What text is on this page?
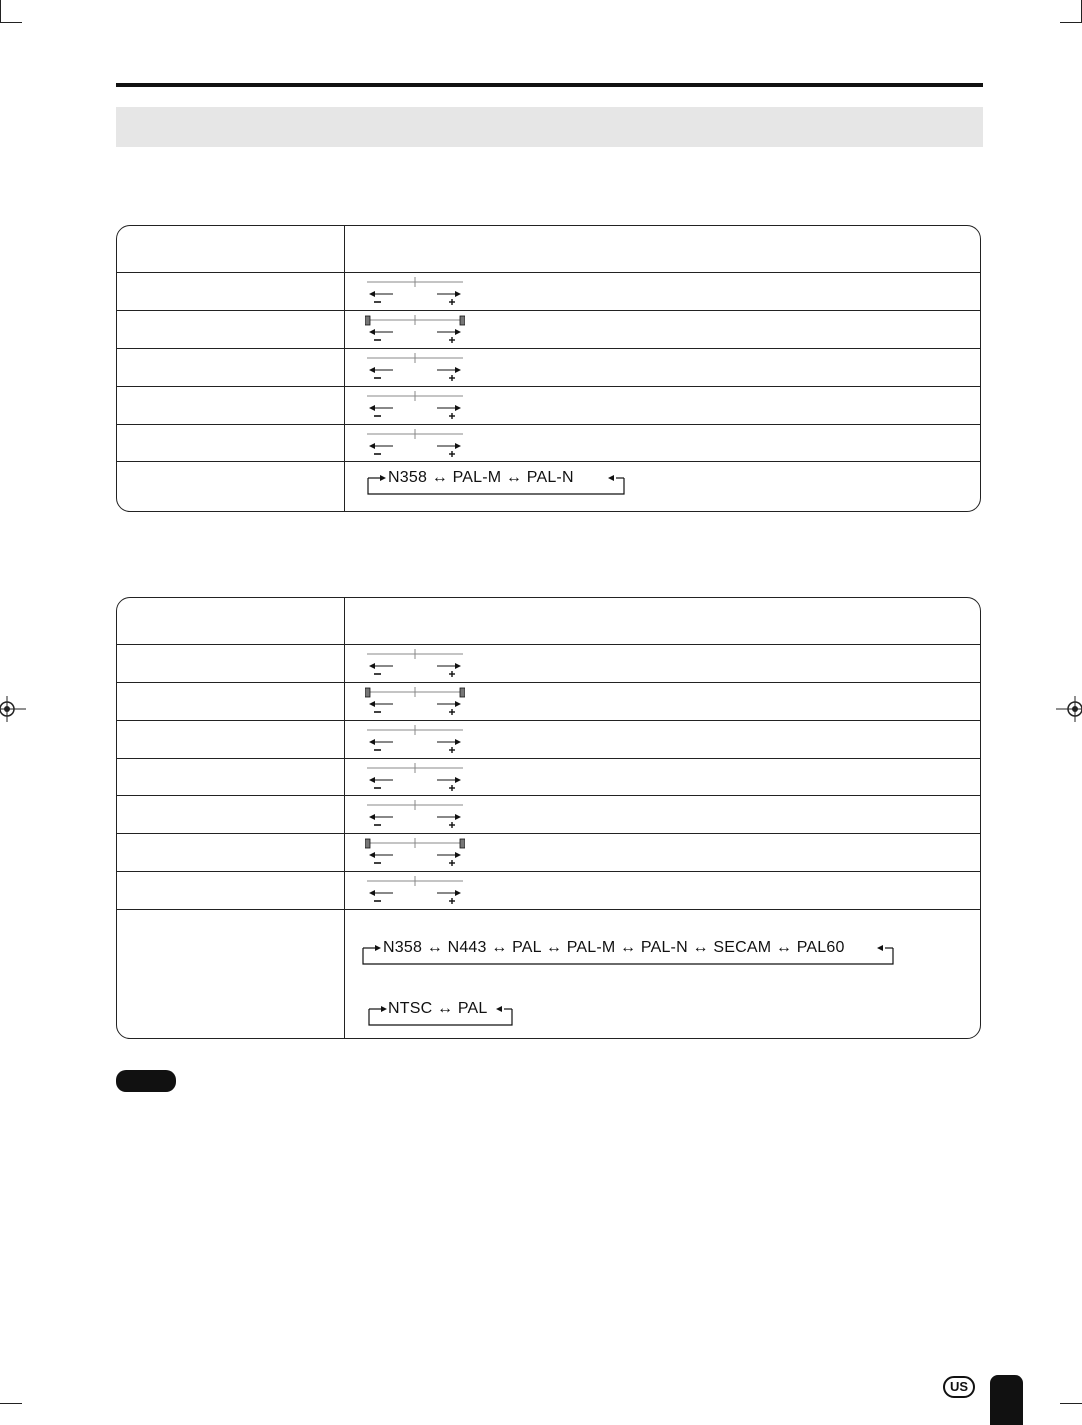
N358 ↔ PAL-M ↔ PAL-N
N358 ↔ N443 ↔ PAL ↔ PAL-M ↔ PAL-N ↔ SECAM ↔ PAL60
NTSC ↔ PAL
US
